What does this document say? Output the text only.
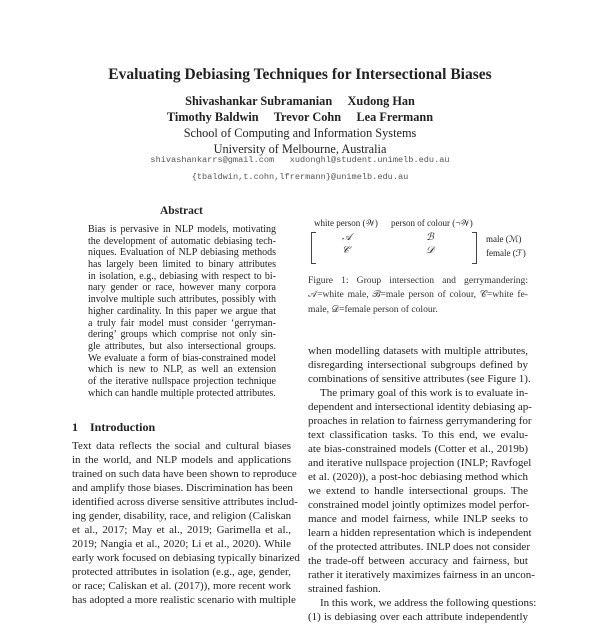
Evaluating Debiasing Techniques for Intersectional Biases
Shivashankar Subramanian Xudong Han
Timothy Baldwin Trevor Cohn Lea Frermann
School of Computing and Information Systems
University of Melbourne, Australia
shivashankarrs@gmail.com xudonghl@student.unimelb.edu.au
{tbaldwin,t.cohn,lfrermann}@unimelb.edu.au
Abstract
Bias is pervasive in NLP models, motivating
the development of automatic debiasing tech-
niques. Evaluation of NLP debiasing methods
has largely been limited to binary attributes
in isolation, e.g., debiasing with respect to bi-
nary gender or race, however many corpora
involve multiple such attributes, possibly with
higher cardinality. In this paper we argue that
a truly fair model must consider ‘gerryman-
dering’ groups which comprise not only sin-
gle attributes, but also intersectional groups.
We evaluate a form of bias-constrained model
which is new to NLP, as well an extension
of the iterative nullspace projection technique
which can handle multiple protected attributes.
1 Introduction
Text data reflects the social and cultural biases
in the world, and NLP models and applications
trained on such data have been shown to reproduce
and amplify those biases. Discrimination has been
identified across diverse sensitive attributes includ-
ing gender, disability, race, and religion (Caliskan
et al., 2017; May et al., 2019; Garimella et al.,
2019; Nangia et al., 2020; Li et al., 2020). While
early work focused on debiasing typically binarized
protected attributes in isolation (e.g., age, gender,
or race; Caliskan et al. (2017)), more recent work
has adopted a more realistic scenario with multiple
white person (𝒲) person of colour (¬𝒲)
𝒜	ℬ
𝒞	𝒟
male (ℳ)
female (ℱ)
Figure 1: Group intersection and gerrymandering:
𝒜=white male, ℬ=male person of colour, 𝒞=white fe-
male, 𝒟=female person of colour.
when modelling datasets with multiple attributes,
disregarding intersectional subgroups defined by
combinations of sensitive attributes (see Figure 1).
The primary goal of this work is to evaluate in-
dependent and intersectional identity debiasing ap-
proaches in relation to fairness gerrymandering for
text classification tasks. To this end, we evalu-
ate bias-constrained models (Cotter et al., 2019b)
and iterative nullspace projection (INLP; Ravfogel
et al. (2020)), a post-hoc debiasing method which
we extend to handle intersectional groups. The
constrained model jointly optimizes model perfor-
mance and model fairness, while INLP seeks to
learn a hidden representation which is independent
of the protected attributes. INLP does not consider
the trade-off between accuracy and fairness, but
rather it iteratively maximizes fairness in an uncon-
strained fashion.
In this work, we address the following questions:
(1) is debiasing over each attribute independently
